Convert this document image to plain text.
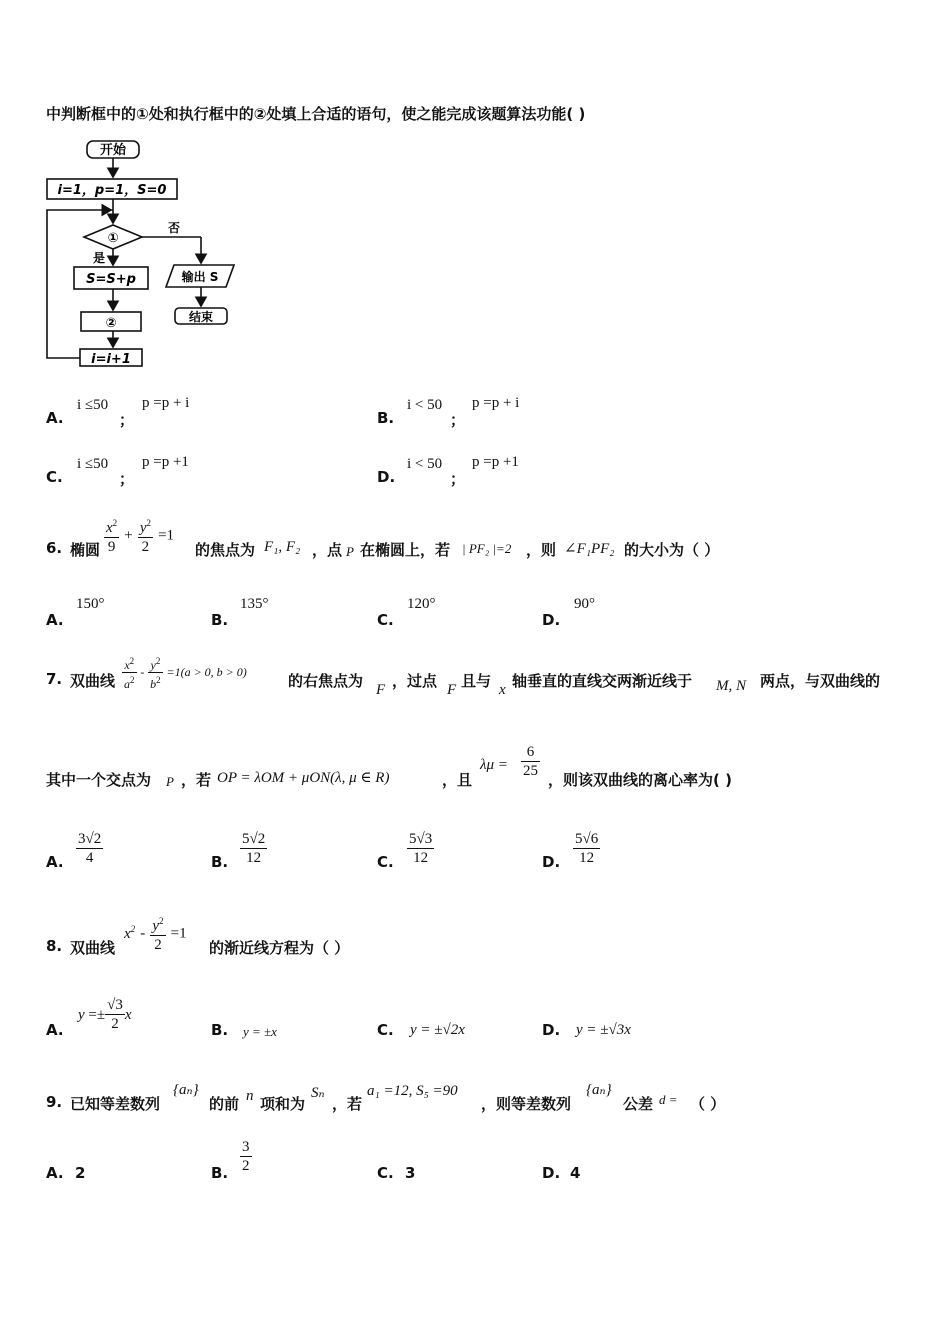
中判断框中的①处和执行框中的②处填上合适的语句，使之能完成该题算法功能( )
开始
i=1，p=1，S=0
①
否
是
S=S+p	输出 S
结束
②
i=i+1
A.
i ≤50
；
p =p + i
B.
i < 50
；
p =p + i
C.
i ≤50
；
p =p +1
D.
i < 50
；
p =p +1
6. 椭圆 $\frac{x^2}{9} + \frac{y^2}{2} =1$
的焦点为 F₁, F₂ ，点 P 在椭圆上，若 | PF₂ |=2 ，则 ∠F₁PF₂ 的大小为（ ）
A.
150°
B.
135°
C.
120°
D.
90°
7. 双曲线 $\frac{x^2}{a^2} - \frac{y^2}{b^2} =1(a > 0$, b > 0)	的右焦点为 F ，过点 F 且与 x 轴垂直的直线交两渐近线于 M, N 两点，与双曲线的
其中一个交点为 P ，若 OP = λOM + μON(λ, μ ∈ R)	，且
$\lambda\mu = \frac{6}{25}$ ，则该双曲线的离心率为( )
A. $\frac{3√2}{4}$	B. $\frac{5√2}{12}$	C. $\frac{5√3}{12}$	D. $\frac{5√6}{12}$
8. 双曲线
$x^2 - \frac{y^2}{2} =1$
的渐近线方程为（ ）
A.
$y =\pm \frac{√3}{2}$ x
B. y = ±x	C. y = ±√2x	D. y = ±√3x
9. 已知等差数列
{aₙ}
的前 n 项和为
Sₙ
，若
a₁ =12, S₅ =90
，则等差数列
{aₙ}
公差 d = （ ）
A. 2	B. $\frac{3}{2}$	C. 3	D. 4
